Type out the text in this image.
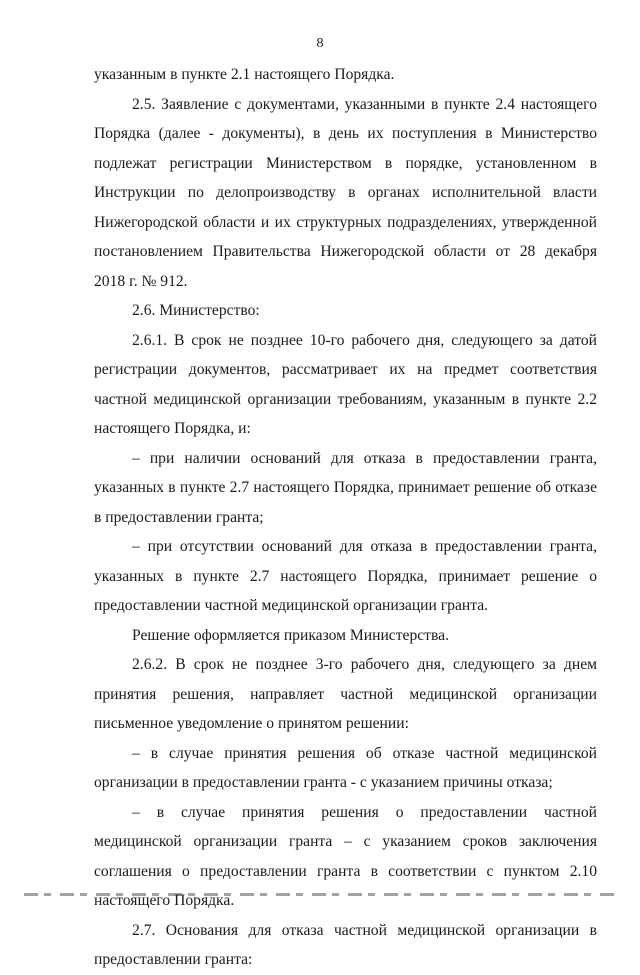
8

указанным в пункте 2.1 настоящего Порядка.

2.5. Заявление с документами, указанными в пункте 2.4 настоящего Порядка (далее - документы), в день их поступления в Министерство подлежат регистрации Министерством в порядке, установленном в Инструкции по делопроизводству в органах исполнительной власти Нижегородской области и их структурных подразделениях, утвержденной постановлением Правительства Нижегородской области от 28 декабря 2018 г. № 912.

2.6. Министерство:

2.6.1. В срок не позднее 10-го рабочего дня, следующего за датой регистрации документов, рассматривает их на предмет соответствия частной медицинской организации требованиям, указанным в пункте 2.2 настоящего Порядка, и:

– при наличии оснований для отказа в предоставлении гранта, указанных в пункте 2.7 настоящего Порядка, принимает решение об отказе в предоставлении гранта;

– при отсутствии оснований для отказа в предоставлении гранта, указанных в пункте 2.7 настоящего Порядка, принимает решение о предоставлении частной медицинской организации гранта.

Решение оформляется приказом Министерства.

2.6.2. В срок не позднее 3-го рабочего дня, следующего за днем принятия решения, направляет частной медицинской организации письменное уведомление о принятом решении:

– в случае принятия решения об отказе частной медицинской организации в предоставлении гранта - с указанием причины отказа;

– в случае принятия решения о предоставлении частной медицинской организации гранта – с указанием сроков заключения соглашения о предоставлении гранта в соответствии с пунктом 2.10 настоящего Порядка.

2.7. Основания для отказа частной медицинской организации в предоставлении гранта:
